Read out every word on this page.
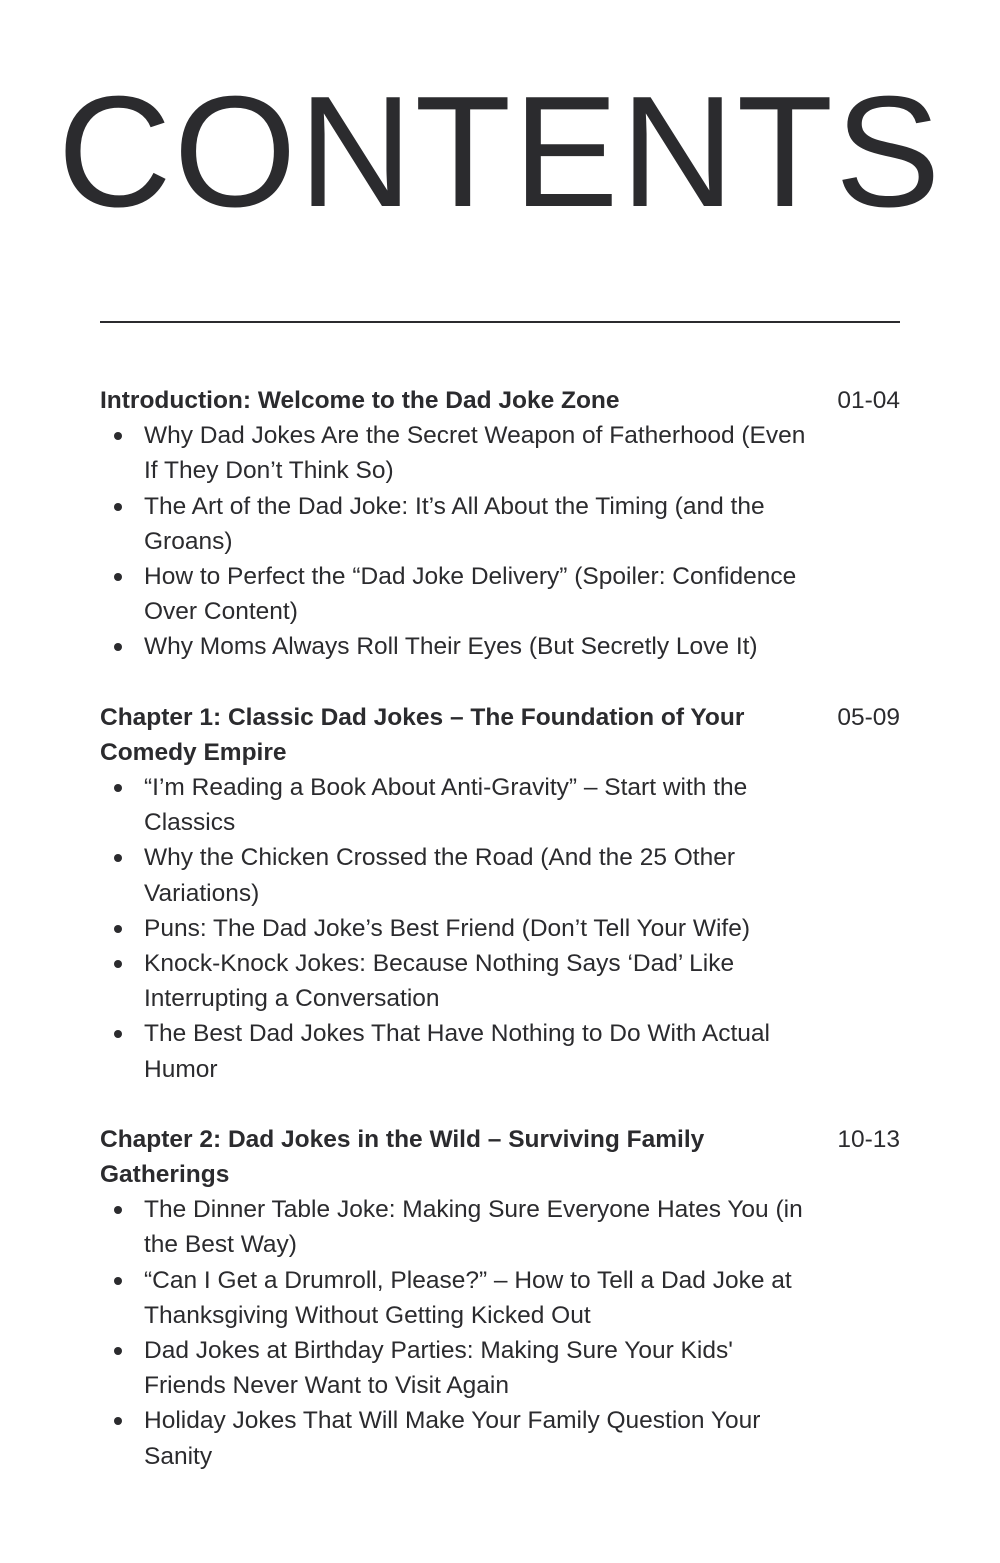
CONTENTS
Introduction: Welcome to the Dad Joke Zone	01-04
Why Dad Jokes Are the Secret Weapon of Fatherhood (Even If They Don’t Think So)
The Art of the Dad Joke: It’s All About the Timing (and the Groans)
How to Perfect the “Dad Joke Delivery” (Spoiler: Confidence Over Content)
Why Moms Always Roll Their Eyes (But Secretly Love It)
Chapter 1: Classic Dad Jokes – The Foundation of Your Comedy Empire
05-09
“I’m Reading a Book About Anti-Gravity” – Start with the Classics
Why the Chicken Crossed the Road (And the 25 Other Variations)
Puns: The Dad Joke’s Best Friend (Don’t Tell Your Wife)
Knock-Knock Jokes: Because Nothing Says ‘Dad’ Like Interrupting a Conversation
The Best Dad Jokes That Have Nothing to Do With Actual Humor
Chapter 2: Dad Jokes in the Wild – Surviving Family Gatherings
10-13
The Dinner Table Joke: Making Sure Everyone Hates You (in the Best Way)
“Can I Get a Drumroll, Please?” – How to Tell a Dad Joke at Thanksgiving Without Getting Kicked Out
Dad Jokes at Birthday Parties: Making Sure Your Kids' Friends Never Want to Visit Again
Holiday Jokes That Will Make Your Family Question Your Sanity
